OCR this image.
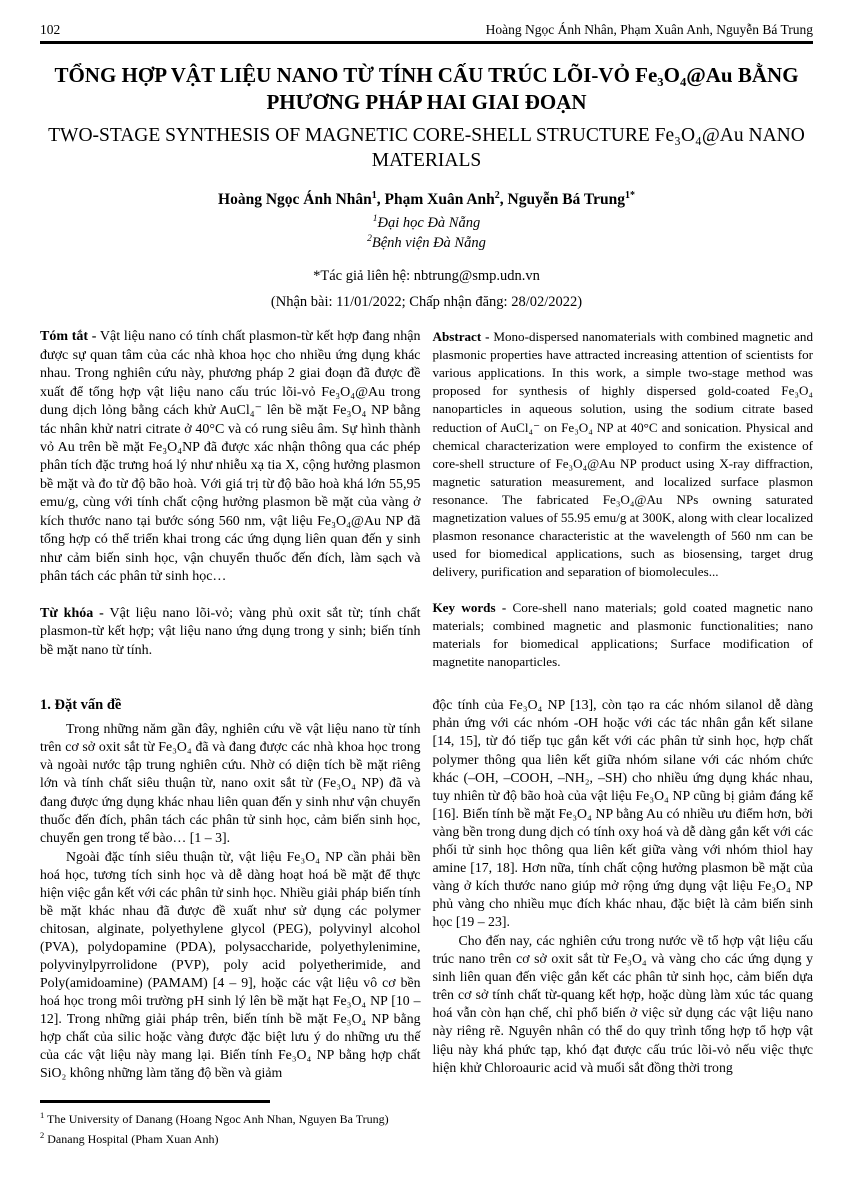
102	Hoàng Ngọc Ánh Nhân, Phạm Xuân Anh, Nguyễn Bá Trung
TỔNG HỢP VẬT LIỆU NANO TỪ TÍNH CẤU TRÚC LÕI-VỎ Fe₃O₄@Au BẰNG PHƯƠNG PHÁP HAI GIAI ĐOẠN
TWO-STAGE SYNTHESIS OF MAGNETIC CORE-SHELL STRUCTURE Fe₃O₄@Au NANO MATERIALS
Hoàng Ngọc Ánh Nhân$^1$, Phạm Xuân Anh$^2$, Nguyễn Bá Trung$^{1*}$
$^1$Đại học Đà Nẵng
$^2$Bệnh viện Đà Nẵng
*Tác giả liên hệ: nbtrung@smp.udn.vn
(Nhận bài: 11/01/2022; Chấp nhận đăng: 28/02/2022)

Tóm tắt - Vật liệu nano có tính chất plasmon-từ kết hợp đang nhận được sự quan tâm của các nhà khoa học cho nhiều ứng dụng khác nhau. Trong nghiên cứu này, phương pháp 2 giai đoạn đã được đề xuất để tổng hợp vật liệu nano cấu trúc lõi-vỏ Fe₃O₄@Au trong dung dịch lỏng bằng cách khử AuCl₄⁻ lên bề mặt Fe₃O₄ NP bằng tác nhân khử natri citrate ở 40°C và có rung siêu âm. Sự hình thành vỏ Au trên bề mặt Fe₃O₄NP đã được xác nhận thông qua các phép phân tích đặc trưng hoá lý như nhiễu xạ tia X, cộng hưởng plasmon bề mặt và đo từ độ bão hoà. Với giá trị từ độ bão hoà khá lớn 55,95 emu/g, cùng với tính chất cộng hưởng plasmon bề mặt của vàng ở kích thước nano tại bước sóng 560 nm, vật liệu Fe₃O₄@Au NP đã tổng hợp có thể triển khai trong các ứng dụng liên quan đến y sinh như cảm biến sinh học, vận chuyển thuốc đến đích, làm sạch và phân tách các phân tử sinh học…

Từ khóa - Vật liệu nano lõi-vỏ; vàng phủ oxit sắt từ; tính chất plasmon-từ kết hợp; vật liệu nano ứng dụng trong y sinh; biến tính bề mặt nano từ tính.

Abstract - Mono-dispersed nanomaterials with combined magnetic and plasmonic properties have attracted increasing attention of scientists for various applications. In this work, a simple two-stage method was proposed for synthesis of highly dispersed gold-coated Fe₃O₄ nanoparticles in aqueous solution, using the sodium citrate based reduction of AuCl₄⁻ on Fe₃O₄ NP at 40°C and sonication. Physical and chemical characterization were employed to confirm the existence of core-shell structure of Fe₃O₄@Au NP product using X-ray diffraction, magnetic saturation measurement, and localized surface plasmon resonance. The fabricated Fe₃O₄@Au NPs owning saturated magnetization values of 55.95 emu/g at 300K, along with clear localized plasmon resonance characteristic at the wavelength of 560 nm can be used for biomedical applications, such as biosensing, target drug delivery, purification and separation of biomolecules...

Key words - Core-shell nano materials; gold coated magnetic nano materials; combined magnetic and plasmonic functionalities; nano materials for biomedical applications; Surface modification of magnetite nanoparticles.

1. Đặt vấn đề

Trong những năm gần đây, nghiên cứu về vật liệu nano từ tính trên cơ sở oxit sắt từ Fe₃O₄ đã và đang được các nhà khoa học trong và ngoài nước tập trung nghiên cứu. Nhờ có diện tích bề mặt riêng lớn và tính chất siêu thuận từ, nano oxit sắt từ (Fe₃O₄ NP) đã và đang được ứng dụng khác nhau liên quan đến y sinh như vận chuyển thuốc đến đích, phân tách các phân tử sinh học, cảm biến sinh học, chuyển gen trong tế bào… [1 – 3].

Ngoài đặc tính siêu thuận từ, vật liệu Fe₃O₄ NP cần phải bền hoá học, tương tích sinh học và dễ dàng hoạt hoá bề mặt để thực hiện việc gắn kết với các phân tử sinh học. Nhiều giải pháp biến tính bề mặt khác nhau đã được đề xuất như sử dụng các polymer chitosan, alginate, polyethylene glycol (PEG), polyvinyl alcohol (PVA), polydopamine (PDA), polysaccharide, polyethylenimine, polyvinylpyrrolidone (PVP), poly acid polyetherimide, and Poly(amidoamine) (PAMAM) [4 – 9], hoặc các vật liệu vô cơ bền hoá học trong môi trường pH sinh lý lên bề mặt hạt Fe₃O₄ NP [10 – 12]. Trong những giải pháp trên, biến tính bề mặt Fe₃O₄ NP bằng hợp chất của silic hoặc vàng được đặc biệt lưu ý do những ưu thế của các vật liệu này mang lại. Biến tính Fe₃O₄ NP bằng hợp chất SiO₂ không những làm tăng độ bền và giảm

độc tính của Fe₃O₄ NP [13], còn tạo ra các nhóm silanol dễ dàng phản ứng với các nhóm -OH hoặc với các tác nhân gắn kết silane [14, 15], từ đó tiếp tục gắn kết với các phân tử sinh học, hợp chất polymer thông qua liên kết giữa nhóm silane với các nhóm chức khác (–OH, –COOH, –NH₂, –SH) cho nhiều ứng dụng khác nhau, tuy nhiên từ độ bão hoà của vật liệu Fe₃O₄ NP cũng bị giảm đáng kể [16]. Biến tính bề mặt Fe₃O₄ NP bằng Au có nhiều ưu điểm hơn, bởi vàng bền trong dung dịch có tính oxy hoá và dễ dàng gắn kết với các phối tử sinh học thông qua liên kết giữa vàng với nhóm thiol hay amine [17, 18]. Hơn nữa, tính chất cộng hưởng plasmon bề mặt của vàng ở kích thước nano giúp mở rộng ứng dụng vật liệu Fe₃O₄ NP phủ vàng cho nhiều mục đích khác nhau, đặc biệt là cảm biến sinh học [19 – 23].

Cho đến nay, các nghiên cứu trong nước về tổ hợp vật liệu cấu trúc nano trên cơ sở oxit sắt từ Fe₃O₄ và vàng cho các ứng dụng y sinh liên quan đến việc gắn kết các phân tử sinh học, cảm biến dựa trên cơ sở tính chất từ-quang kết hợp, hoặc dùng làm xúc tác quang hoá vẫn còn hạn chế, chỉ phổ biến ở việc sử dụng các vật liệu nano này riêng rẽ. Nguyên nhân có thể do quy trình tổng hợp tổ hợp vật liệu này khá phức tạp, khó đạt được cấu trúc lõi-vỏ nếu việc thực hiện khử Chloroauric acid và muối sắt đồng thời trong

$^1$ The University of Danang (Hoang Ngoc Anh Nhan, Nguyen Ba Trung)
$^2$ Danang Hospital (Pham Xuan Anh)
